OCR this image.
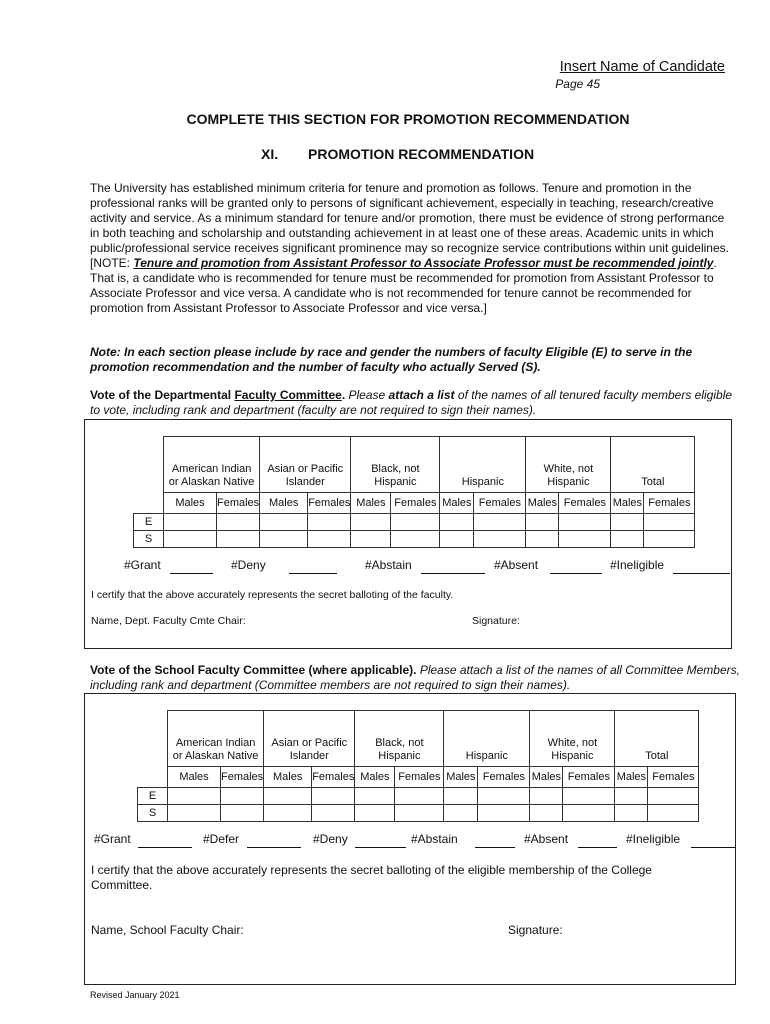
Insert Name of Candidate
Page 45
COMPLETE THIS SECTION FOR PROMOTION RECOMMENDATION
XI. PROMOTION RECOMMENDATION
The University has established minimum criteria for tenure and promotion as follows. Tenure and promotion in the professional ranks will be granted only to persons of significant achievement, especially in teaching, research/creative activity and service. As a minimum standard for tenure and/or promotion, there must be evidence of strong performance in both teaching and scholarship and outstanding achievement in at least one of these areas. Academic units in which public/professional service receives significant prominence may so recognize service contributions within unit guidelines. [NOTE: Tenure and promotion from Assistant Professor to Associate Professor must be recommended jointly. That is, a candidate who is recommended for tenure must be recommended for promotion from Assistant Professor to Associate Professor and vice versa. A candidate who is not recommended for tenure cannot be recommended for promotion from Assistant Professor to Associate Professor and vice versa.]
Note: In each section please include by race and gender the numbers of faculty Eligible (E) to serve in the promotion recommendation and the number of faculty who actually Served (S).
Vote of the Departmental Faculty Committee. Please attach a list of the names of all tenured faculty members eligible to vote, including rank and department (faculty are not required to sign their names).
	American Indian or Alaskan Native		Asian or Pacific Islander		Black, not Hispanic		Hispanic		White, not Hispanic		Total	
	Males	Females	Males	Females	Males	Females	Males	Females	Males	Females	Males	Females
E												
S												
#Grant	#Deny	#Abstain	#Absent	#Ineligible
I certify that the above accurately represents the secret balloting of the faculty.
Name, Dept. Faculty Cmte Chair:	Signature:
Vote of the School Faculty Committee (where applicable). Please attach a list of the names of all Committee Members, including rank and department (Committee members are not required to sign their names).
	American Indian or Alaskan Native		Asian or Pacific Islander		Black, not Hispanic		Hispanic		White, not Hispanic		Total	
	Males	Females	Males	Females	Males	Females	Males	Females	Males	Females	Males	Females
E												
S												
#Grant	#Defer	#Deny	#Abstain	#Absent	#Ineligible
I certify that the above accurately represents the secret balloting of the eligible membership of the College Committee.
Name, School Faculty Chair:	Signature:
Revised January 2021
